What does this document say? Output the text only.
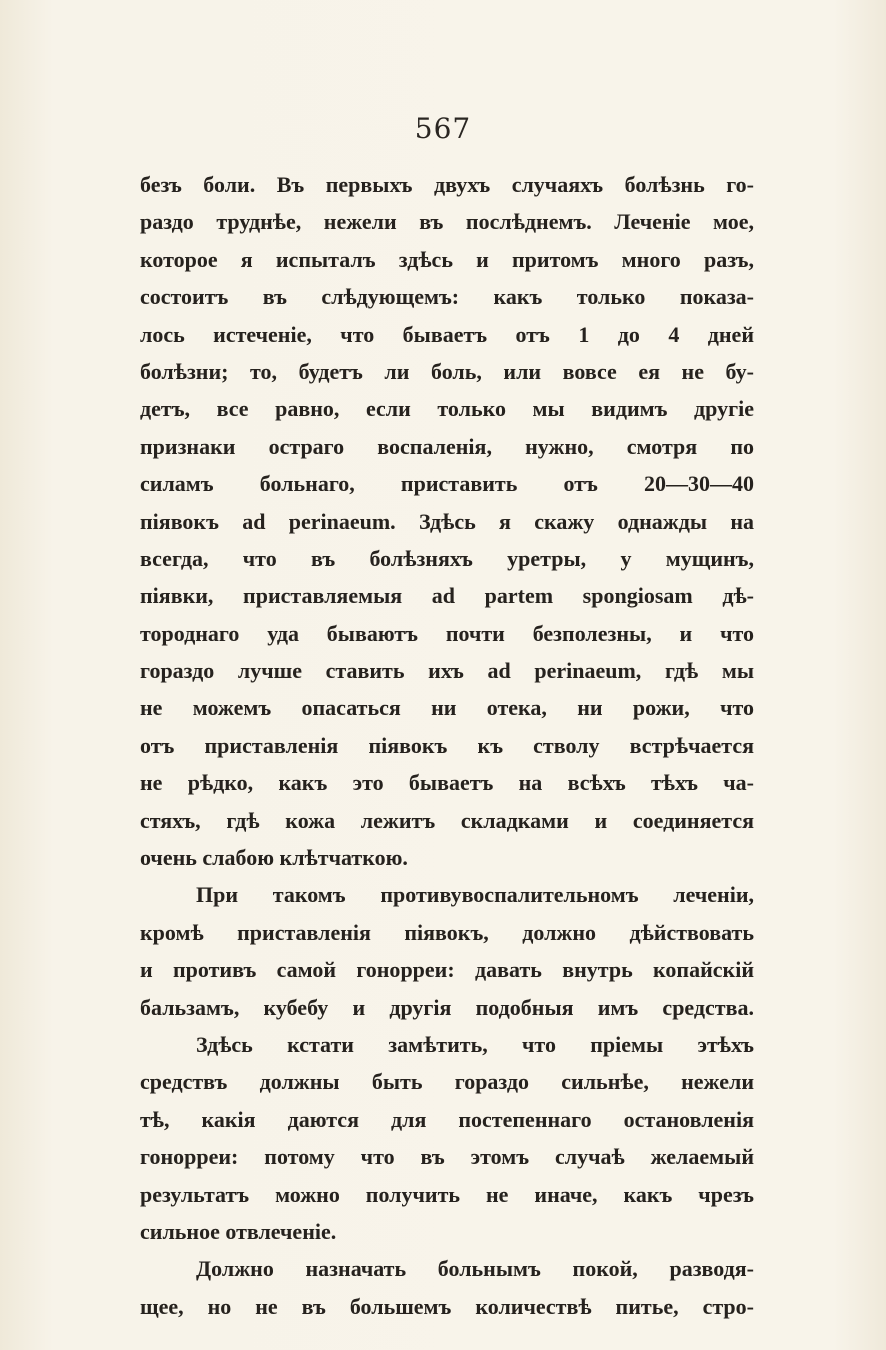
567
безъ боли. Въ первыхъ двухъ случаяхъ болѣзнь го-
раздо труднѣе, нежели въ послѣднемъ. Леченіе мое,
которое я испыталъ здѣсь и притомъ много разъ,
состоитъ въ слѣдующемъ: какъ только показа-
лось истеченіе, что бываетъ отъ 1 до 4 дней
болѣзни; то, будетъ ли боль, или вовсе ея не бу-
детъ, все равно, если только мы видимъ другіе
признаки остраго воспаленія, нужно, смотря по
силамъ больнаго, приставить отъ 20—30—40
піявокъ ad perinaeum. Здѣсь я скажу однажды на
всегда, что въ болѣзняхъ уретры, у мущинъ,
піявки, приставляемыя ad partem spongiosam дѣ-
тороднаго уда бываютъ почти безполезны, и что
гораздо лучше ставить ихъ ad perinaeum, гдѣ мы
не можемъ опасаться ни отека, ни рожи, что
отъ приставленія піявокъ къ стволу встрѣчается
не рѣдко, какъ это бываетъ на всѣхъ тѣхъ ча-
стяхъ, гдѣ кожа лежитъ складками и соединяется
очень слабою клѣтчаткою.
При такомъ противувоспалительномъ леченіи,
кромѣ приставленія піявокъ, должно дѣйствовать
и противъ самой гонорреи: давать внутрь копайскій
бальзамъ, кубебу и другія подобныя имъ средства.
Здѣсь кстати замѣтить, что пріемы этѣхъ
средствъ должны быть гораздо сильнѣе, нежели
тѣ, какія даются для постепеннаго остановленія
гонорреи: потому что въ этомъ случаѣ желаемый
результатъ можно получить не иначе, какъ чрезъ
сильное отвлеченіе.
Должно назначать больнымъ покой, разводя-
щее, но не въ большемъ количествѣ питье, стро-
